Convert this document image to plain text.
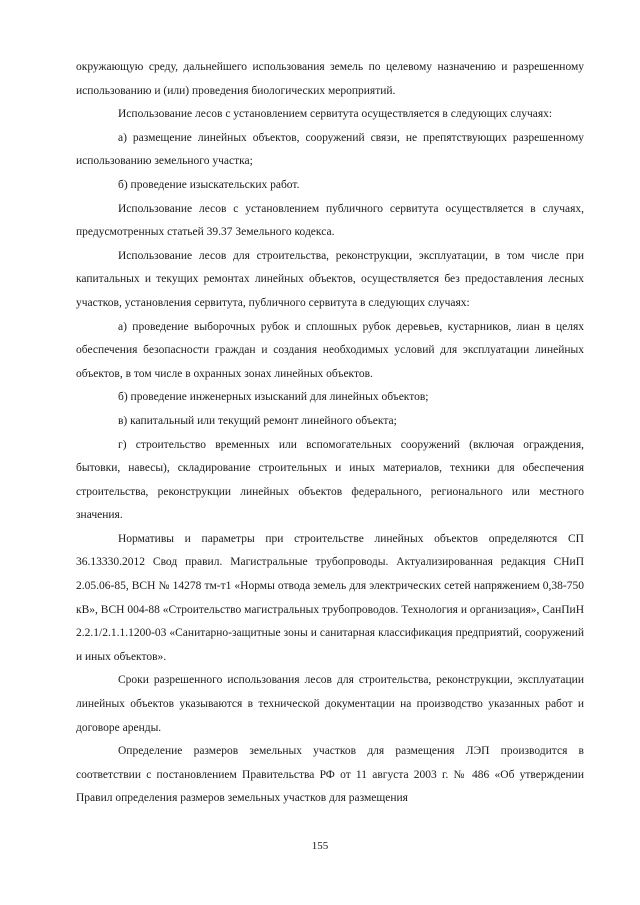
окружающую среду, дальнейшего использования земель по целевому назначению и разрешенному использованию и (или) проведения биологических мероприятий.

Использование лесов с установлением сервитута осуществляется в следующих случаях:

а) размещение линейных объектов, сооружений связи, не препятствующих разрешенному использованию земельного участка;

б) проведение изыскательских работ.

Использование лесов с установлением публичного сервитута осуществляется в случаях, предусмотренных статьей 39.37 Земельного кодекса.

Использование лесов для строительства, реконструкции, эксплуатации, в том числе при капитальных и текущих ремонтах линейных объектов, осуществляется без предоставления лесных участков, установления сервитута, публичного сервитута в следующих случаях:

а) проведение выборочных рубок и сплошных рубок деревьев, кустарников, лиан в целях обеспечения безопасности граждан и создания необходимых условий для эксплуатации линейных объектов, в том числе в охранных зонах линейных объектов.

б) проведение инженерных изысканий для линейных объектов;

в) капитальный или текущий ремонт линейного объекта;

г) строительство временных или вспомогательных сооружений (включая ограждения, бытовки, навесы), складирование строительных и иных материалов, техники для обеспечения строительства, реконструкции линейных объектов федерального, регионального или местного значения.

Нормативы и параметры при строительстве линейных объектов определяются СП 36.13330.2012 Свод правил. Магистральные трубопроводы. Актуализированная редакция СНиП 2.05.06-85, ВСН № 14278 тм-т1 «Нормы отвода земель для электрических сетей напряжением 0,38-750 кВ», ВСН 004-88 «Строительство магистральных трубопроводов. Технология и организация», СанПиН 2.2.1/2.1.1.1200-03 «Санитарно-защитные зоны и санитарная классификация предприятий, сооружений и иных объектов».

Сроки разрешенного использования лесов для строительства, реконструкции, эксплуатации линейных объектов указываются в технической документации на производство указанных работ и договоре аренды.

Определение размеров земельных участков для размещения ЛЭП производится в соответствии с постановлением Правительства РФ от 11 августа 2003 г. № 486 «Об утверждении Правил определения размеров земельных участков для размещения

155
